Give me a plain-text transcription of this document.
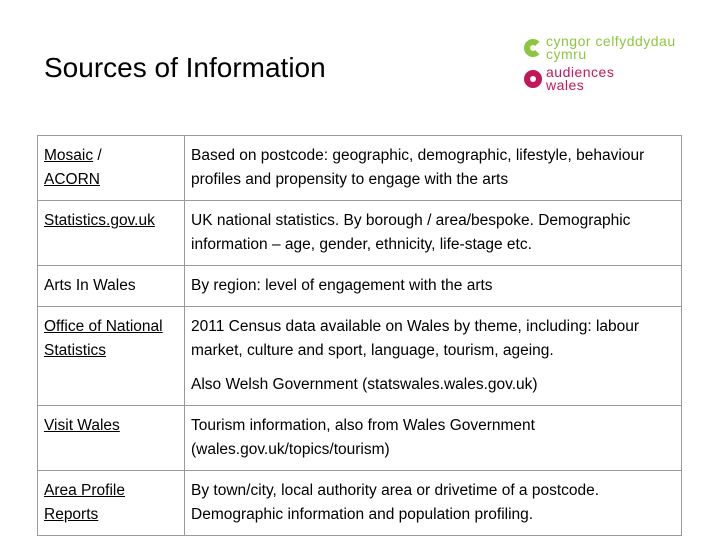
Sources of Information
cyngor celfyddydau
cymru
audiences
wales
Mosaic /
ACORN	Based on postcode: geographic, demographic, lifestyle, behaviour profiles and propensity to engage with the arts
Statistics.gov.uk	UK national statistics. By borough / area/bespoke. Demographic information – age, gender, ethnicity, life-stage etc.
Arts In Wales	By region: level of engagement with the arts
Office of National Statistics	2011 Census data available on Wales by theme, including: labour market, culture and sport, language, tourism, ageing.
Also Welsh Government (statswales.wales.gov.uk)

Visit Wales	Tourism information, also from Wales Government (wales.gov.uk/topics/tourism)
Area Profile Reports	By town/city, local authority area or drivetime of a postcode. Demographic information and population profiling.
